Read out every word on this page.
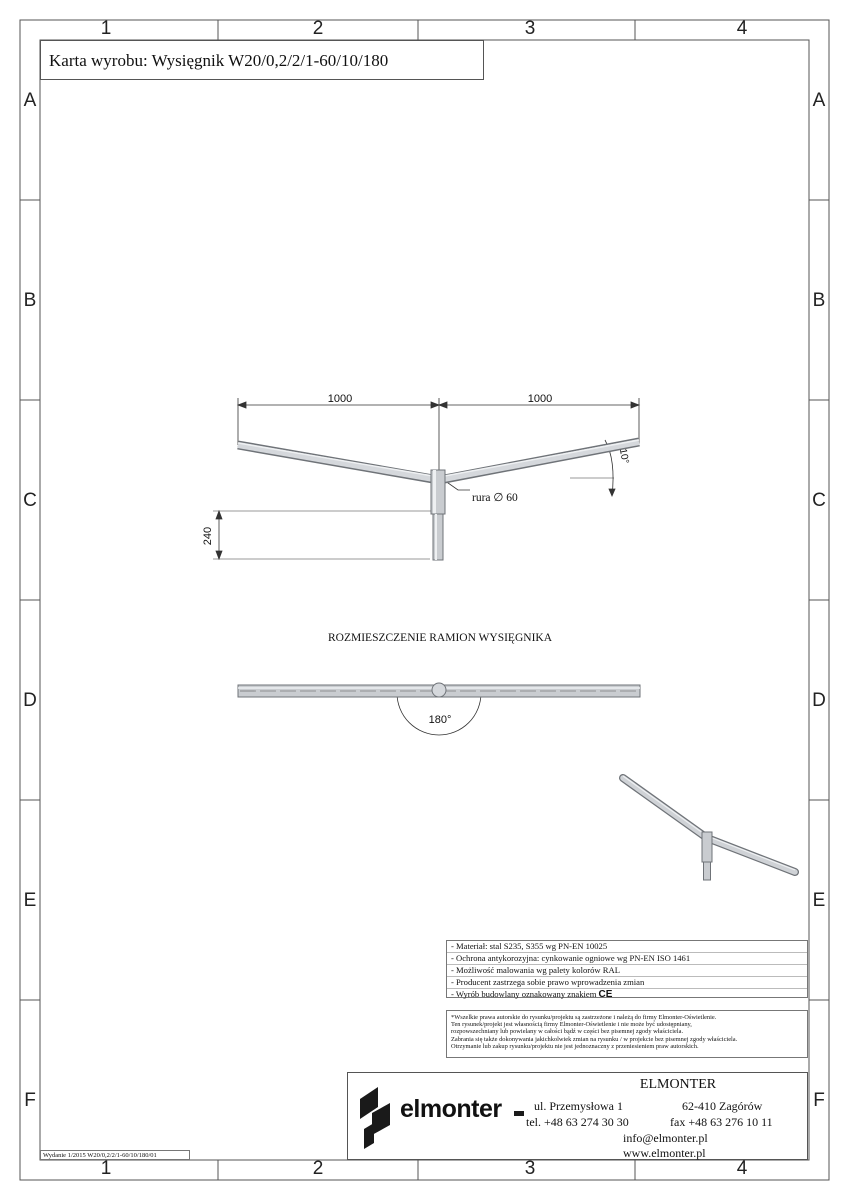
1	2	3	4
1	2	3	4
A
B
C
D
E
F
A
B
C
D
E
F
Karta wyrobu: Wysięgnik W20/0,2/2/1-60/10/180
1000	1000
240
10°
rura ∅ 60
ROZMIESZCZENIE RAMION WYSIĘGNIKA
180°
- Materiał: stal S235, S355 wg PN-EN 10025
- Ochrona antykorozyjna: cynkowanie ogniowe wg PN-EN ISO 1461
- Możliwość malowania wg palety kolorów RAL
- Producent zastrzega sobie prawo wprowadzenia zmian
- Wyrób budowlany oznakowany znakiem CE
*Wszelkie prawa autorskie do rysunku/projektu są zastrzeżone i należą do firmy Elmonter-Oświetlenie.
Ten rysunek/projekt jest własnością firmy Elmonter-Oświetlenie i nie może być udostępniany,
rozpowszechniany lub powielany w całości bądź w części bez pisemnej zgody właściciela.
Zabrania się także dokonywania jakichkolwiek zmian na rysunku / w projekcie bez pisemnej zgody właściciela.
Otrzymanie lub zakup rysunku/projektu nie jest jednoznaczny z przeniesieniem praw autorskich.
elmonter
ELMONTER
ul. Przemysłowa 1	62-410 Zagórów
tel. +48 63 274 30 30	fax +48 63 276 10 11
info@elmonter.pl
www.elmonter.pl
Wydanie 1/2015 W20/0,2/2/1-60/10/180/01
